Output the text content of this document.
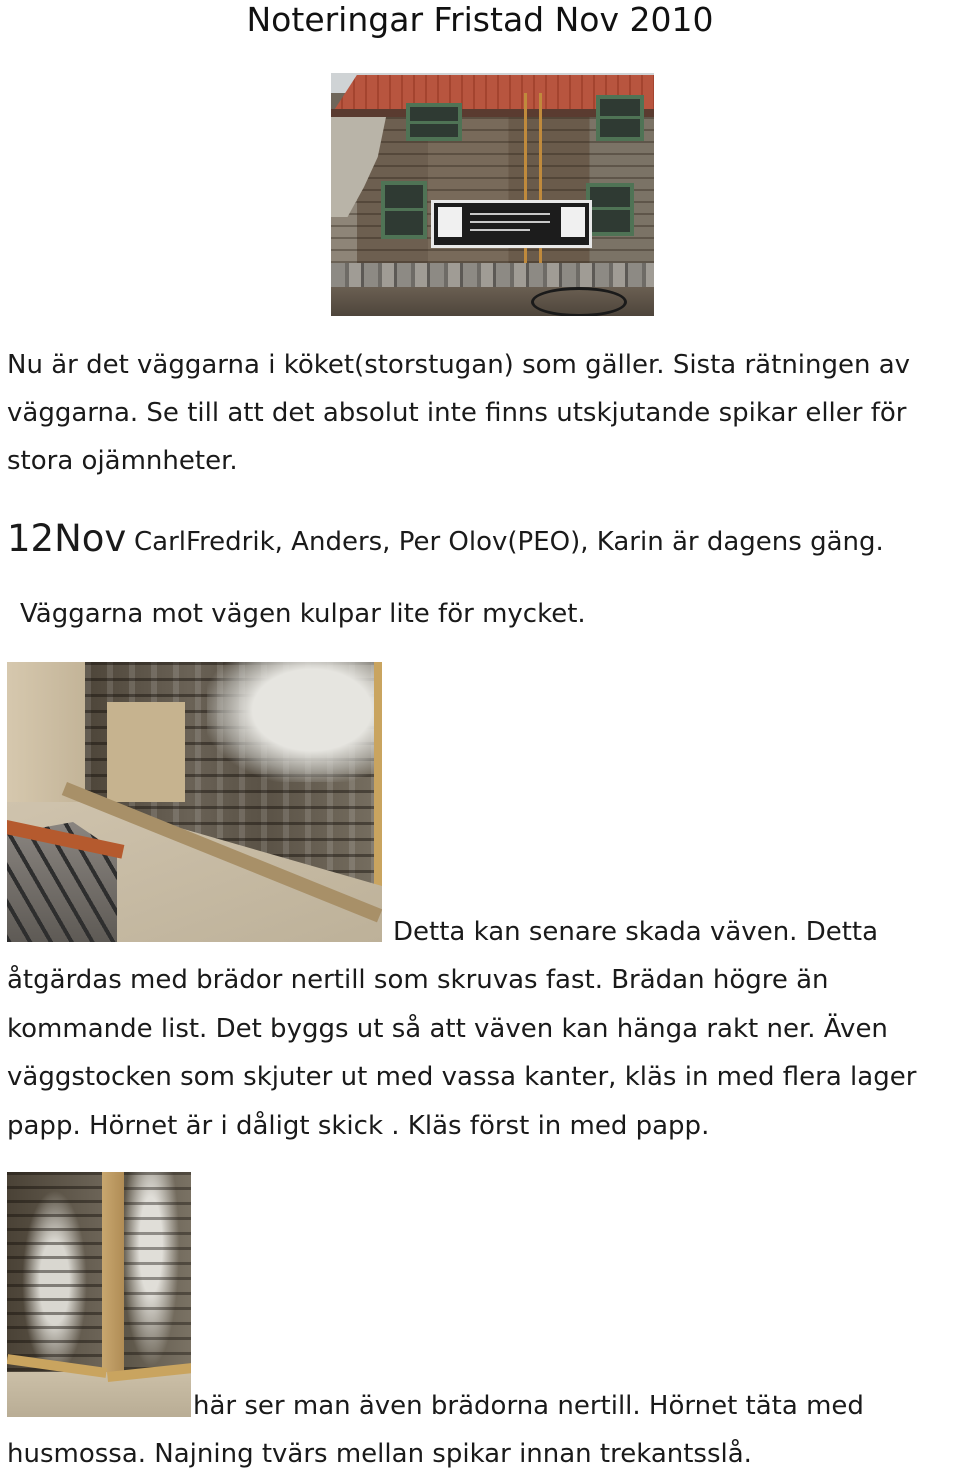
Noteringar Fristad Nov 2010
Nu är det väggarna i köket(storstugan) som gäller. Sista rätningen av
väggarna. Se till att det absolut inte finns utskjutande spikar eller för
stora ojämnheter.
12Nov CarlFredrik, Anders, Per Olov(PEO), Karin är dagens gäng.
Väggarna mot vägen kulpar lite för mycket.
Detta kan senare skada väven. Detta
åtgärdas med brädor nertill som skruvas fast. Brädan högre än
kommande list. Det byggs ut så att väven kan hänga rakt ner. Även
väggstocken som skjuter ut med vassa kanter, kläs in med flera lager
papp. Hörnet är i dåligt skick . Kläs först in med papp.
här ser man även brädorna nertill. Hörnet täta med
husmossa. Najning tvärs mellan spikar innan trekantsslå.
